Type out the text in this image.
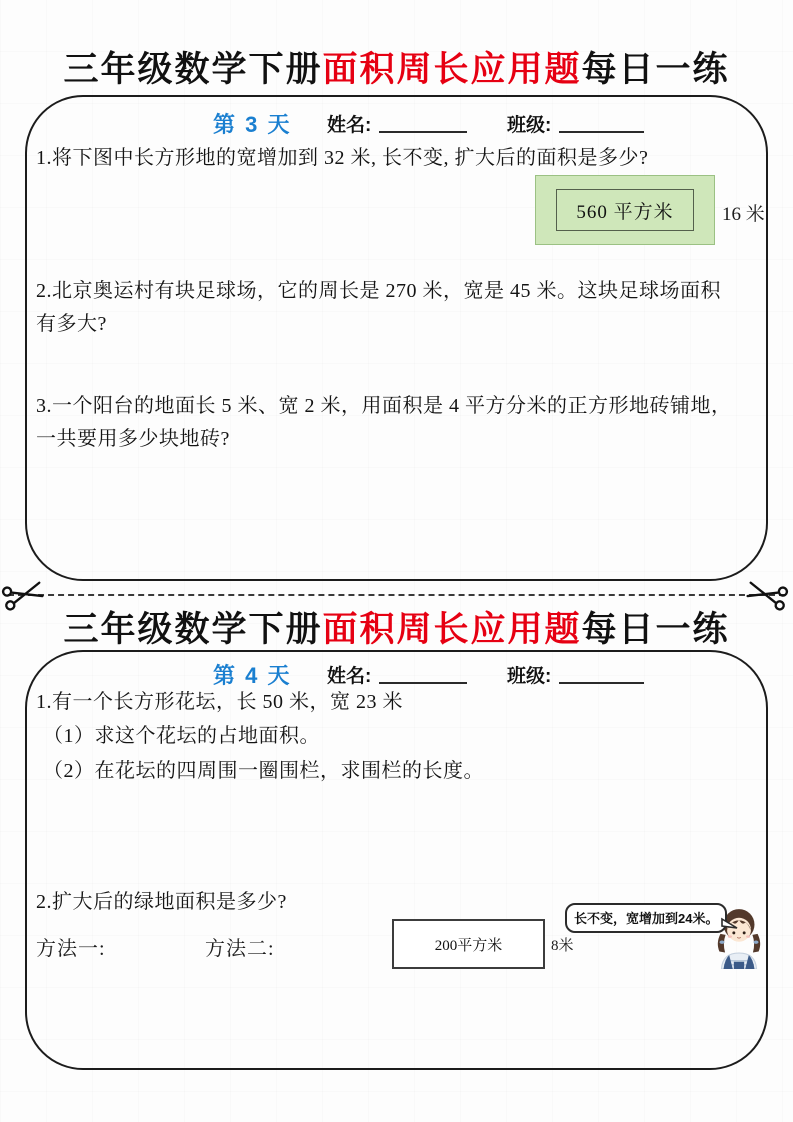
三年级数学下册面积周长应用题每日一练
第 3 天 姓名:	班级:
1.将下图中长方形地的宽增加到 32 米, 长不变, 扩大后的面积是多少?
560 平方米	16 米
2.北京奥运村有块足球场，它的周长是 270 米，宽是 45 米。这块足球场面积有多大?
3.一个阳台的地面长 5 米、宽 2 米，用面积是 4 平方分米的正方形地砖铺地，一共要用多少块地砖?
三年级数学下册面积周长应用题每日一练
第 4 天 姓名:	班级:
1.有一个长方形花坛，长 50 米，宽 23 米
（1）求这个花坛的占地面积。
（2）在花坛的四周围一圈围栏，求围栏的长度。
2.扩大后的绿地面积是多少?
方法一:	方法二:	200平方米	8米
长不变，宽增加到24米。
